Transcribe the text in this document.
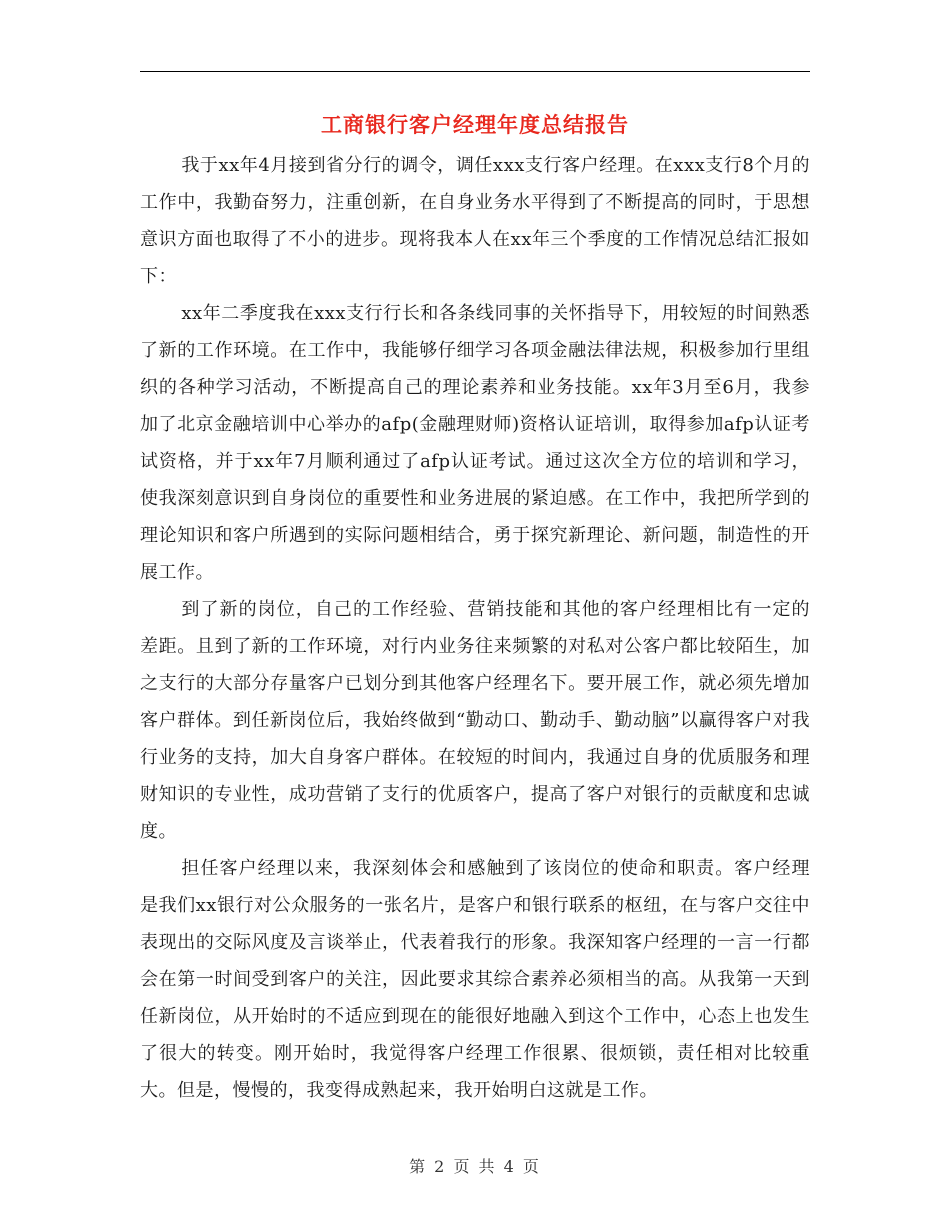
工商银行客户经理年度总结报告

我于xx年4月接到省分行的调令，调任xxx支行客户经理。在xxx支行8个月的工作中，我勤奋努力，注重创新，在自身业务水平得到了不断提高的同时，于思想意识方面也取得了不小的进步。现将我本人在xx年三个季度的工作情况总结汇报如下：

xx年二季度我在xxx支行行长和各条线同事的关怀指导下，用较短的时间熟悉了新的工作环境。在工作中，我能够仔细学习各项金融法律法规，积极参加行里组织的各种学习活动，不断提高自己的理论素养和业务技能。xx年3月至6月，我参加了北京金融培训中心举办的afp(金融理财师)资格认证培训，取得参加afp认证考试资格，并于xx年7月顺利通过了afp认证考试。通过这次全方位的培训和学习，使我深刻意识到自身岗位的重要性和业务进展的紧迫感。在工作中，我把所学到的理论知识和客户所遇到的实际问题相结合，勇于探究新理论、新问题，制造性的开展工作。

到了新的岗位，自己的工作经验、营销技能和其他的客户经理相比有一定的差距。且到了新的工作环境，对行内业务往来频繁的对私对公客户都比较陌生，加之支行的大部分存量客户已划分到其他客户经理名下。要开展工作，就必须先增加客户群体。到任新岗位后，我始终做到“勤动口、勤动手、勤动脑”以赢得客户对我行业务的支持，加大自身客户群体。在较短的时间内，我通过自身的优质服务和理财知识的专业性，成功营销了支行的优质客户，提高了客户对银行的贡献度和忠诚度。

担任客户经理以来，我深刻体会和感触到了该岗位的使命和职责。客户经理是我们xx银行对公众服务的一张名片，是客户和银行联系的枢纽，在与客户交往中表现出的交际风度及言谈举止，代表着我行的形象。我深知客户经理的一言一行都会在第一时间受到客户的关注，因此要求其综合素养必须相当的高。从我第一天到任新岗位，从开始时的不适应到现在的能很好地融入到这个工作中，心态上也发生了很大的转变。刚开始时，我觉得客户经理工作很累、很烦锁，责任相对比较重大。但是，慢慢的，我变得成熟起来，我开始明白这就是工作。

第 2 页 共 4 页
